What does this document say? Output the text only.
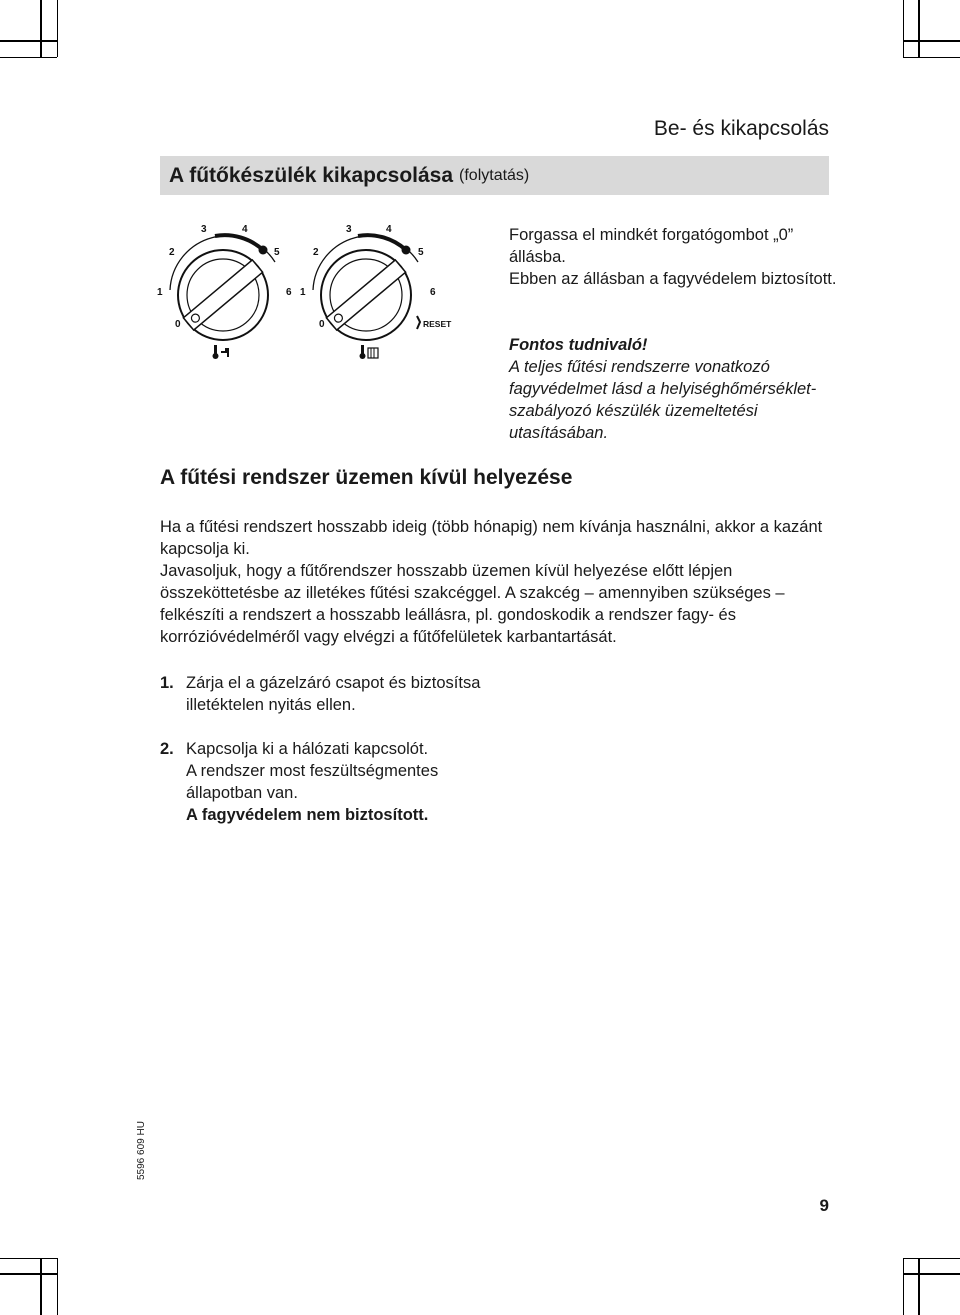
Be- és kikapcsolás
A fűtőkészülék kikapcsolása (folytatás)
1
2
3	4
5
6
0
1
2
3	4
5
6
0	RESET
Forgassa el mindkét forgatógombot „0” állásba.
Ebben az állásban a fagyvédelem biztosított.
Fontos tudnivaló!
A teljes fűtési rendszerre vonatkozó fagyvédelmet lásd a helyiséghőmérséklet-szabályozó készülék üzemeltetési utasításában.
A fűtési rendszer üzemen kívül helyezése
Ha a fűtési rendszert hosszabb ideig (több hónapig) nem kívánja használni, akkor a kazánt kapcsolja ki.
Javasoljuk, hogy a fűtőrendszer hosszabb üzemen kívül helyezése előtt lépjen összeköttetésbe az illetékes fűtési szakcéggel. A szakcég – amennyiben szükséges – felkészíti a rendszert a hosszabb leállásra, pl. gondoskodik a rendszer fagy- és korrózióvédelméről vagy elvégzi a fűtőfelületek karbantartását.
1. Zárja el a gázelzáró csapot és biztosítsa illetéktelen nyitás ellen.
2. Kapcsolja ki a hálózati kapcsolót.
A rendszer most feszültségmentes állapotban van.
A fagyvédelem nem biztosított.
5596 609 HU
9
